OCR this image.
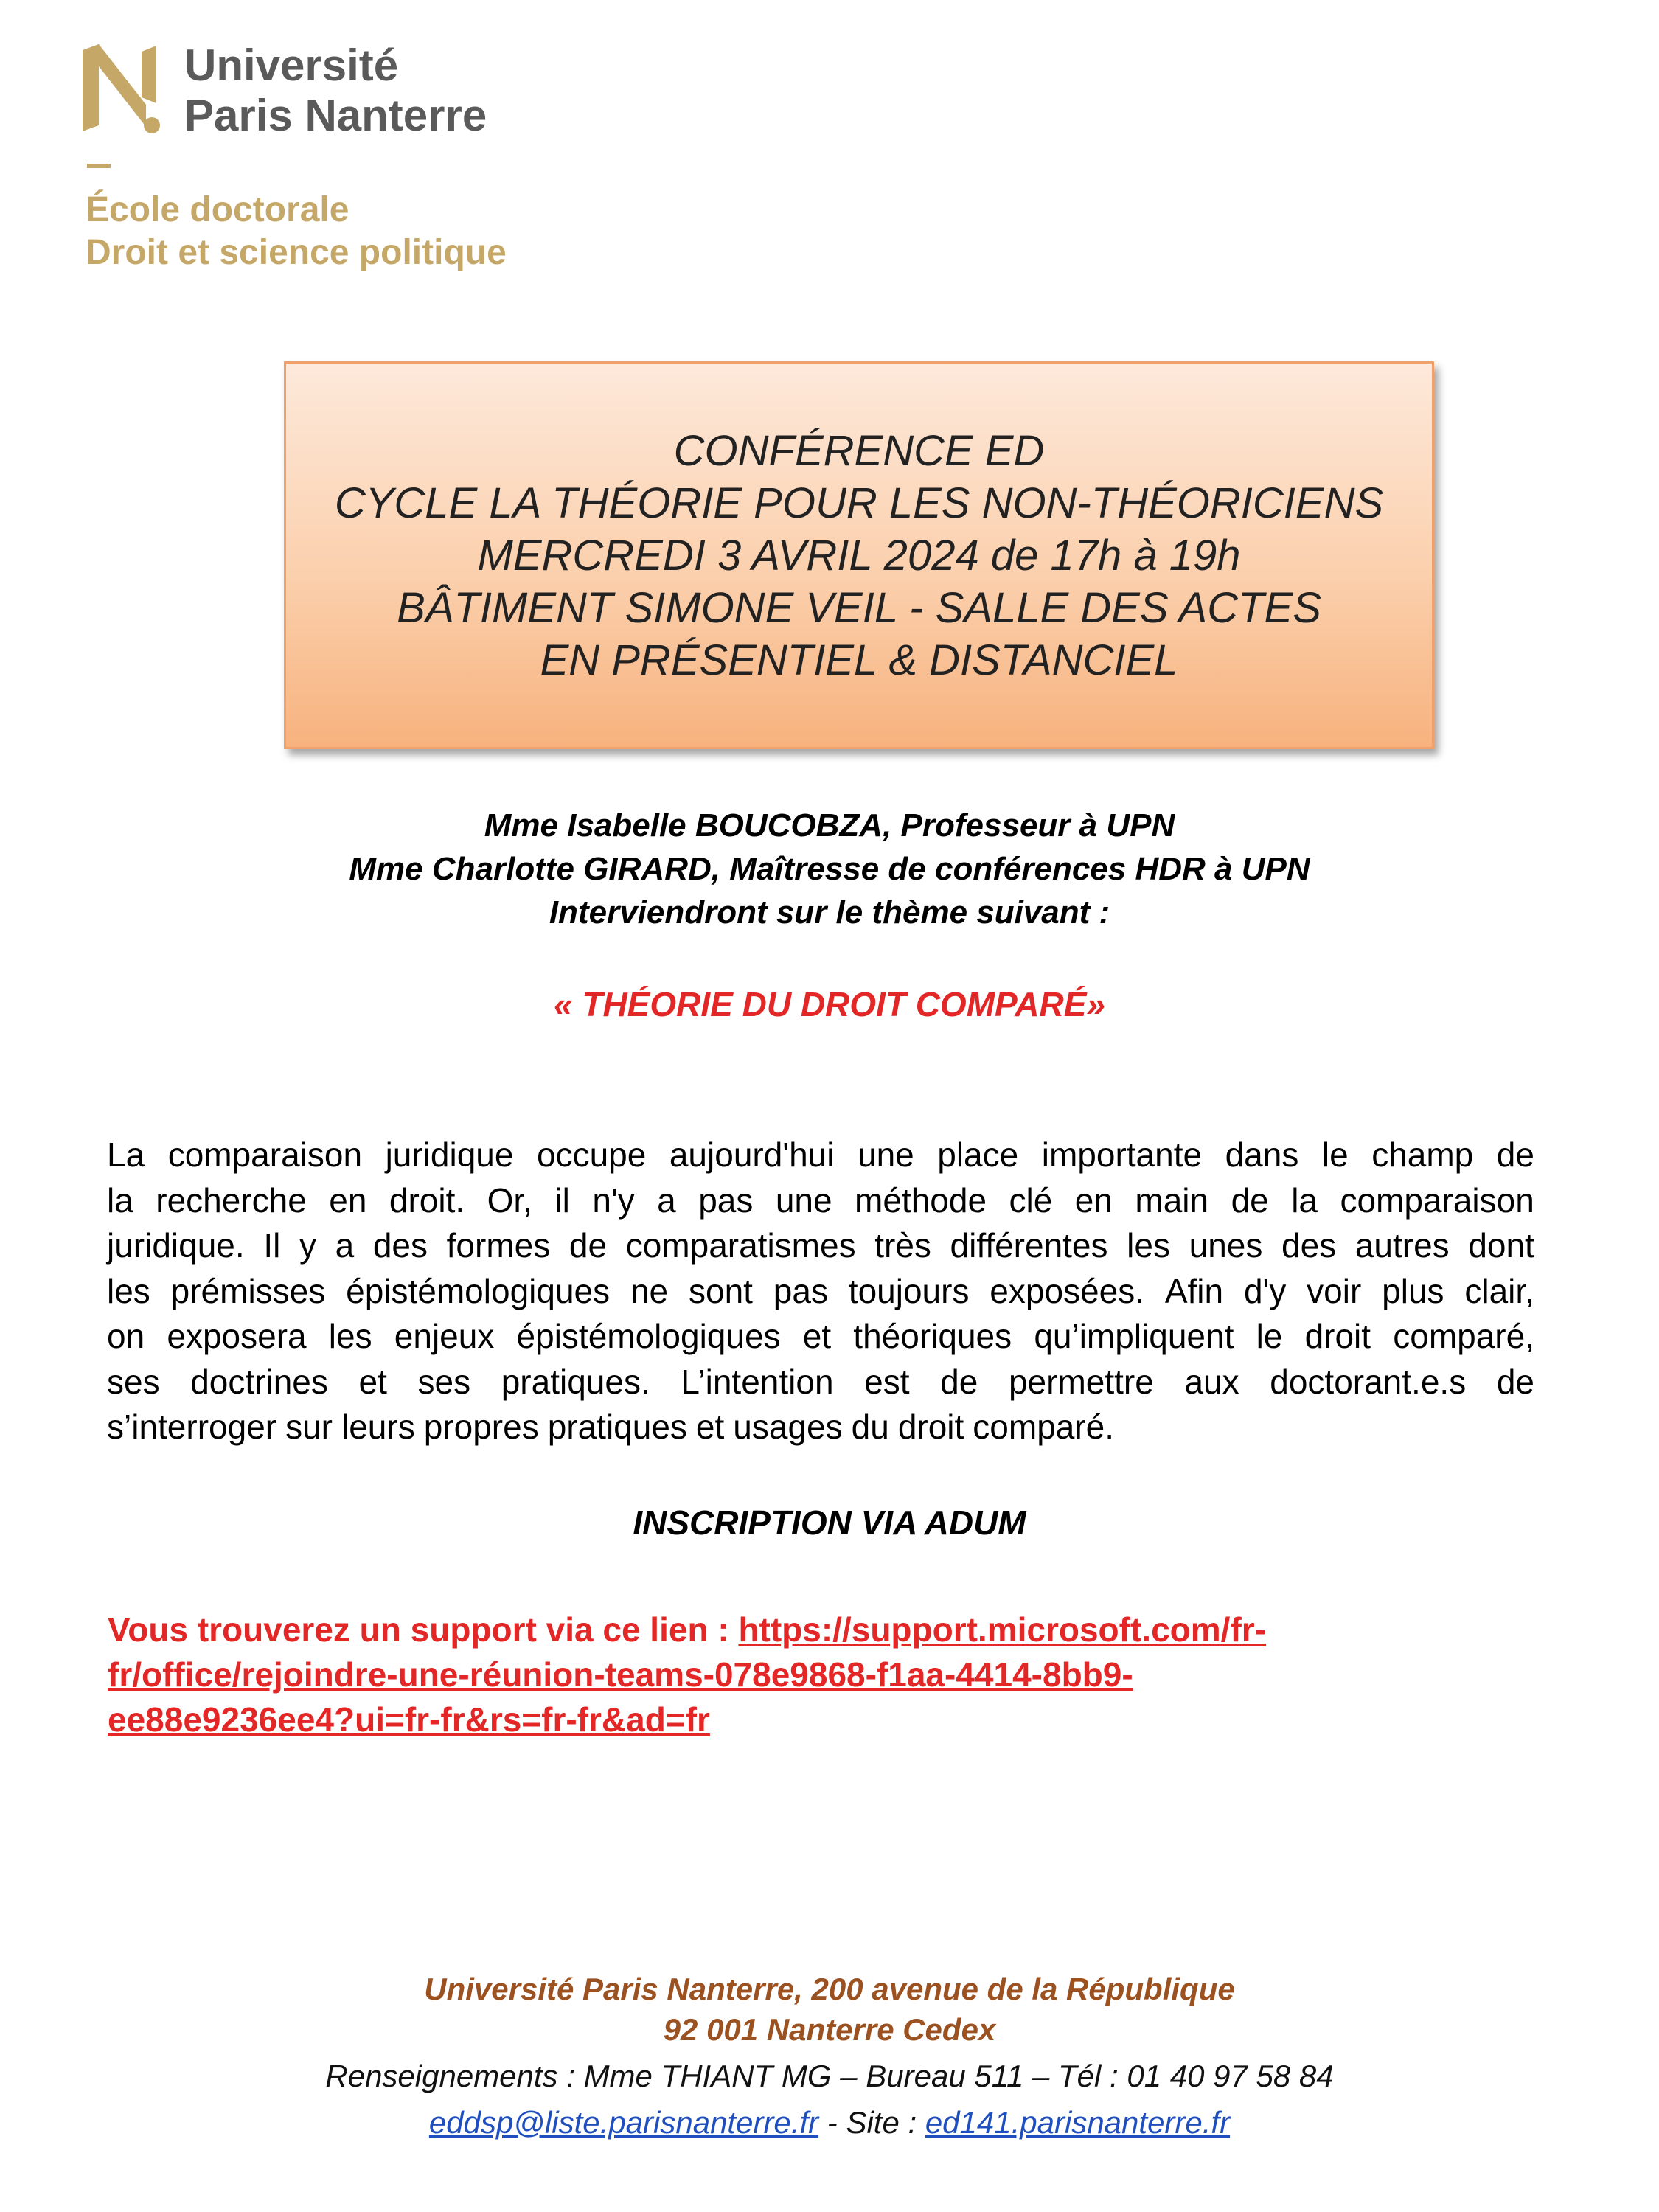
Université
Paris Nanterre
École doctorale
Droit et science politique
CONFÉRENCE ED
CYCLE LA THÉORIE POUR LES NON-THÉORICIENS
MERCREDI 3 AVRIL 2024 de 17h à 19h
BÂTIMENT SIMONE VEIL - SALLE DES ACTES
EN PRÉSENTIEL & DISTANCIEL
Mme Isabelle BOUCOBZA, Professeur à UPN
Mme Charlotte GIRARD, Maîtresse de conférences HDR à UPN
Interviendront sur le thème suivant :
« THÉORIE DU DROIT COMPARÉ»
La comparaison juridique occupe aujourd'hui une place importante dans le champ de
la recherche en droit. Or, il n'y a pas une méthode clé en main de la comparaison
juridique. Il y a des formes de comparatismes très différentes les unes des autres dont
les prémisses épistémologiques ne sont pas toujours exposées. Afin d'y voir plus clair,
on exposera les enjeux épistémologiques et théoriques qu’impliquent le droit comparé,
ses doctrines et ses pratiques. L’intention est de permettre aux doctorant.e.s de
s’interroger sur leurs propres pratiques et usages du droit comparé.
INSCRIPTION VIA ADUM
Vous trouverez un support via ce lien : https://support.microsoft.com/fr-
fr/office/rejoindre-une-réunion-teams-078e9868-f1aa-4414-8bb9-
ee88e9236ee4?ui=fr-fr&rs=fr-fr&ad=fr
Université Paris Nanterre, 200 avenue de la République
92 001 Nanterre Cedex
Renseignements : Mme THIANT MG – Bureau 511 – Tél : 01 40 97 58 84
eddsp@liste.parisnanterre.fr - Site : ed141.parisnanterre.fr
